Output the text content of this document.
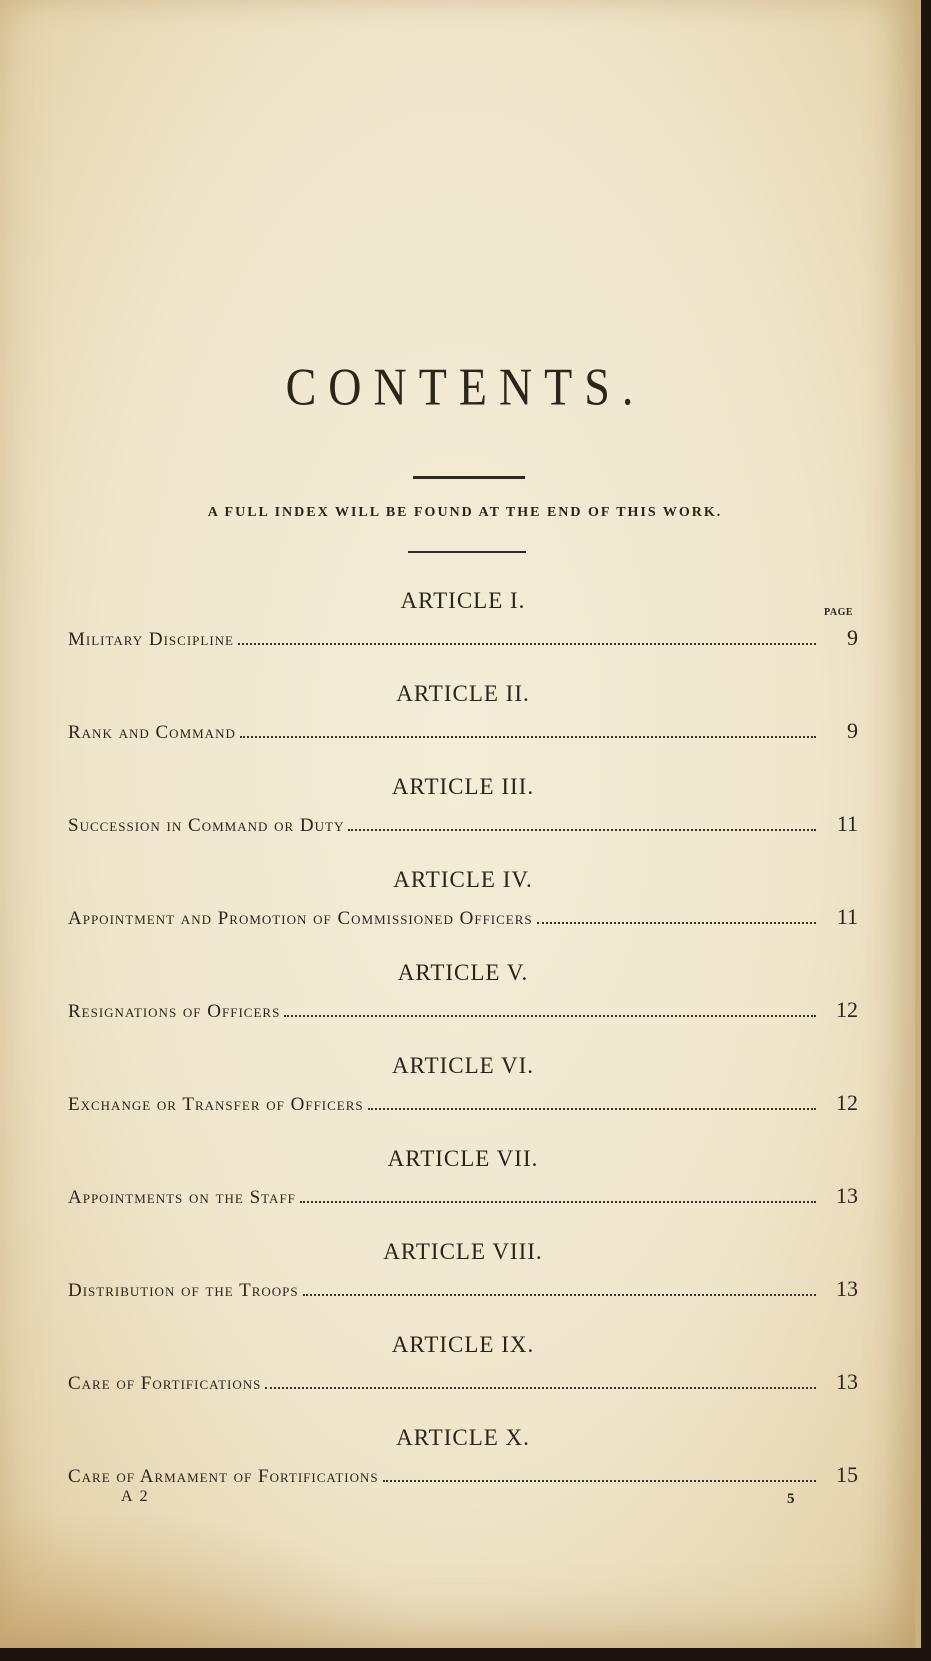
CONTENTS.
A FULL INDEX WILL BE FOUND AT THE END OF THIS WORK.
PAGE
ARTICLE I.
Military Discipline	9
ARTICLE II.
Rank and Command	9
ARTICLE III.
Succession in Command or Duty	11
ARTICLE IV.
Appointment and Promotion of Commissioned Officers	11
ARTICLE V.
Resignations of Officers	12
ARTICLE VI.
Exchange or Transfer of Officers	12
ARTICLE VII.
Appointments on the Staff	13
ARTICLE VIII.
Distribution of the Troops	13
ARTICLE IX.
Care of Fortifications	13
ARTICLE X.
Care of Armament of Fortifications	15
A 2	5
